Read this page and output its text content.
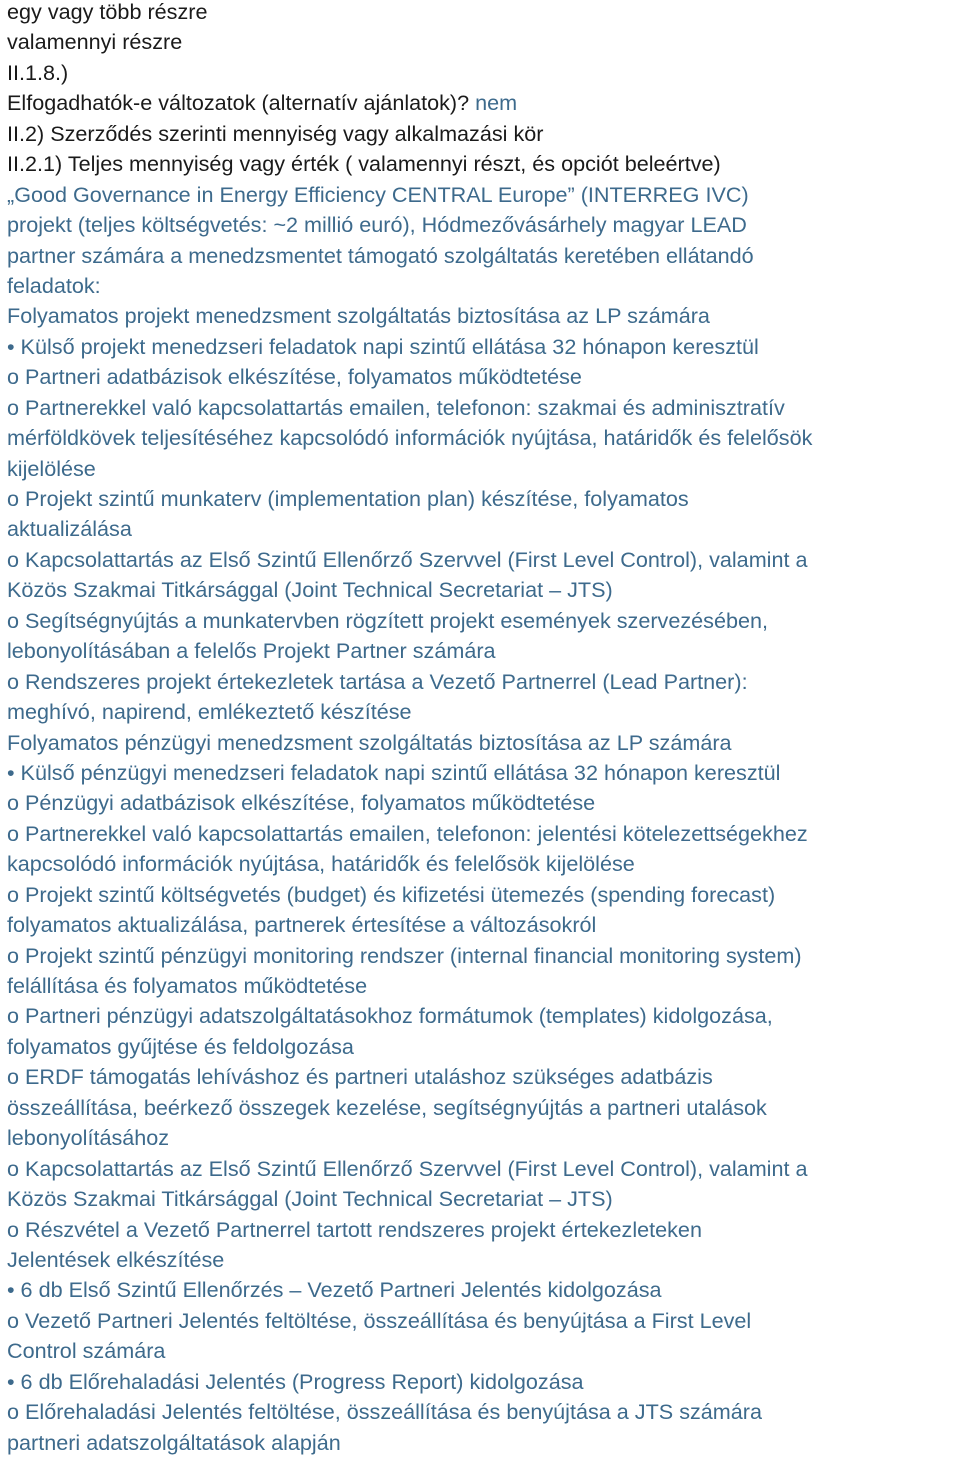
egy vagy több részre
valamennyi részre
II.1.8.)
Elfogadhatók-e változatok (alternatív ajánlatok)? nem
II.2) Szerződés szerinti mennyiség vagy alkalmazási kör
II.2.1) Teljes mennyiség vagy érték ( valamennyi részt, és opciót beleértve)
„Good Governance in Energy Efficiency CENTRAL Europe” (INTERREG IVC)
projekt (teljes költségvetés: ~2 millió euró), Hódmezővásárhely magyar LEAD
partner számára a menedzsmentet támogató szolgáltatás keretében ellátandó
feladatok:
Folyamatos projekt menedzsment szolgáltatás biztosítása az LP számára
• Külső projekt menedzseri feladatok napi szintű ellátása 32 hónapon keresztül
o Partneri adatbázisok elkészítése, folyamatos működtetése
o Partnerekkel való kapcsolattartás emailen, telefonon: szakmai és adminisztratív
mérföldkövek teljesítéséhez kapcsolódó információk nyújtása, határidők és felelősök
kijelölése
o Projekt szintű munkaterv (implementation plan) készítése, folyamatos
aktualizálása
o Kapcsolattartás az Első Szintű Ellenőrző Szervvel (First Level Control), valamint a
Közös Szakmai Titkársággal (Joint Technical Secretariat – JTS)
o Segítségnyújtás a munkatervben rögzített projekt események szervezésében,
lebonyolításában a felelős Projekt Partner számára
o Rendszeres projekt értekezletek tartása a Vezető Partnerrel (Lead Partner):
meghívó, napirend, emlékeztető készítése
Folyamatos pénzügyi menedzsment szolgáltatás biztosítása az LP számára
• Külső pénzügyi menedzseri feladatok napi szintű ellátása 32 hónapon keresztül
o Pénzügyi adatbázisok elkészítése, folyamatos működtetése
o Partnerekkel való kapcsolattartás emailen, telefonon: jelentési kötelezettségekhez
kapcsolódó információk nyújtása, határidők és felelősök kijelölése
o Projekt szintű költségvetés (budget) és kifizetési ütemezés (spending forecast)
folyamatos aktualizálása, partnerek értesítése a változásokról
o Projekt szintű pénzügyi monitoring rendszer (internal financial monitoring system)
felállítása és folyamatos működtetése
o Partneri pénzügyi adatszolgáltatásokhoz formátumok (templates) kidolgozása,
folyamatos gyűjtése és feldolgozása
o ERDF támogatás lehíváshoz és partneri utaláshoz szükséges adatbázis
összeállítása, beérkező összegek kezelése, segítségnyújtás a partneri utalások
lebonyolításához
o Kapcsolattartás az Első Szintű Ellenőrző Szervvel (First Level Control), valamint a
Közös Szakmai Titkársággal (Joint Technical Secretariat – JTS)
o Részvétel a Vezető Partnerrel tartott rendszeres projekt értekezleteken
Jelentések elkészítése
• 6 db Első Szintű Ellenőrzés – Vezető Partneri Jelentés kidolgozása
o Vezető Partneri Jelentés feltöltése, összeállítása és benyújtása a First Level
Control számára
• 6 db Előrehaladási Jelentés (Progress Report) kidolgozása
o Előrehaladási Jelentés feltöltése, összeállítása és benyújtása a JTS számára
partneri adatszolgáltatások alapján
